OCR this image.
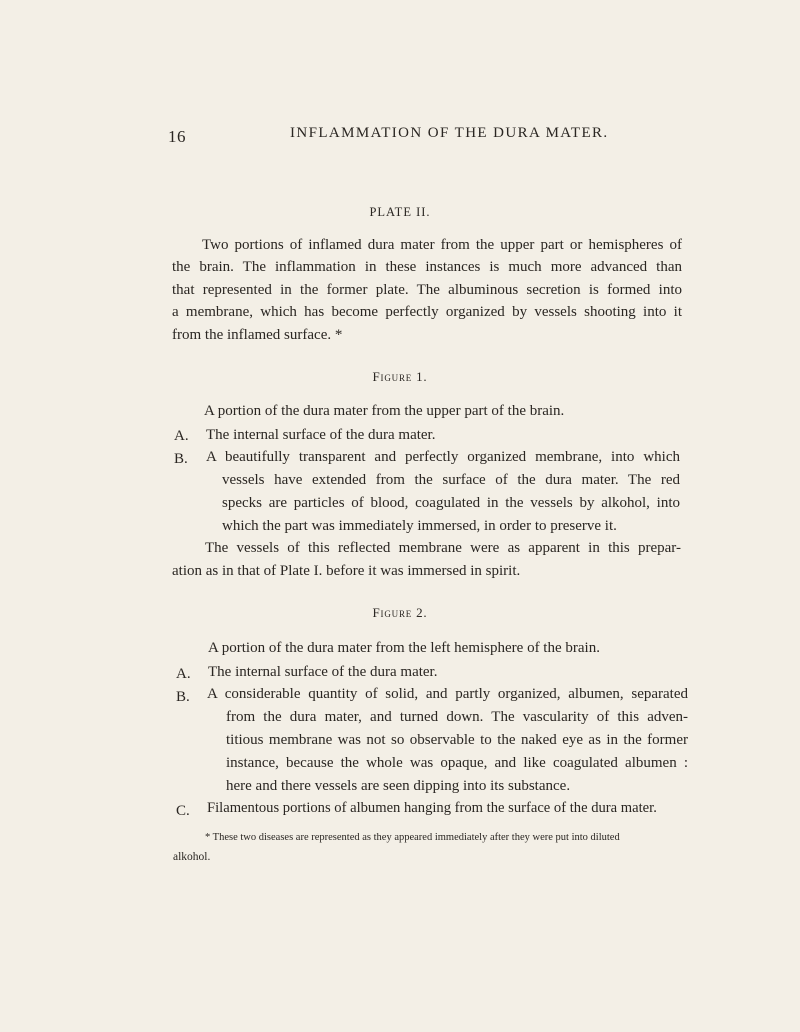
16	INFLAMMATION OF THE DURA MATER.
PLATE II.
Two portions of inflamed dura mater from the upper part or hemispheres of
the brain. The inflammation in these instances is much more advanced than
that represented in the former plate. The albuminous secretion is formed into
a membrane, which has become perfectly organized by vessels shooting into it
from the inflamed surface. *
Figure 1.
A portion of the dura mater from the upper part of the brain.
A. The internal surface of the dura mater.
B. A beautifully transparent and perfectly organized membrane, into which
vessels have extended from the surface of the dura mater. The red
specks are particles of blood, coagulated in the vessels by alkohol, into
which the part was immediately immersed, in order to preserve it.
The vessels of this reflected membrane were as apparent in this prepar-
ation as in that of Plate I. before it was immersed in spirit.
Figure 2.
A portion of the dura mater from the left hemisphere of the brain.
A. The internal surface of the dura mater.
B. A considerable quantity of solid, and partly organized, albumen, separated
from the dura mater, and turned down. The vascularity of this adven-
titious membrane was not so observable to the naked eye as in the former
instance, because the whole was opaque, and like coagulated albumen :
here and there vessels are seen dipping into its substance.
C. Filamentous portions of albumen hanging from the surface of the dura mater.
* These two diseases are represented as they appeared immediately after they were put into diluted
alkohol.
